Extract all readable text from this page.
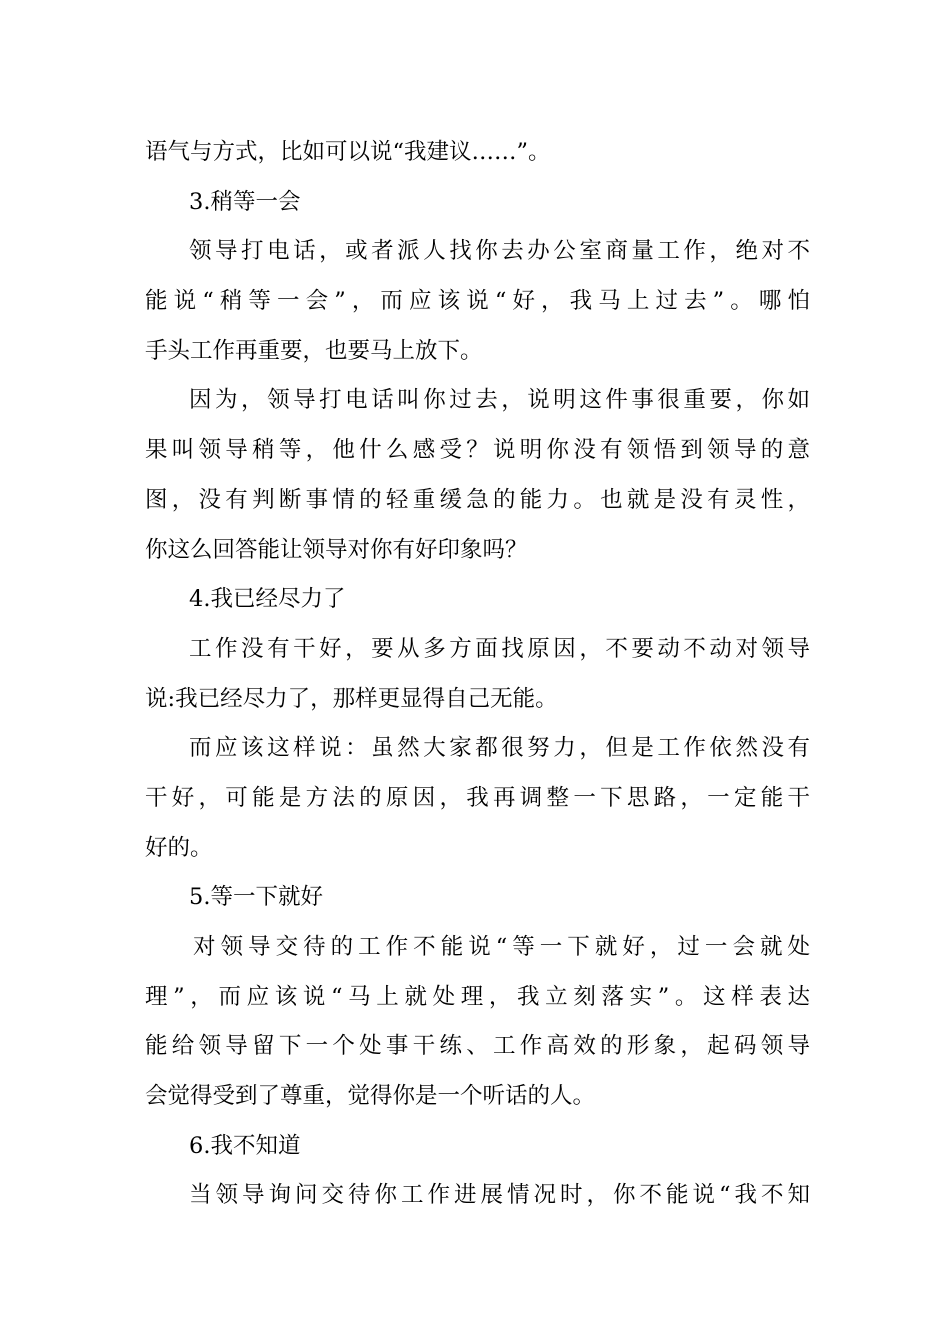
语气与方式，比如可以说“我建议……”。
3.稍等一会
领导打电话，或者派人找你去办公室商量工作，绝对不
能说“稍等一会”，而应该说“好，我马上过去”。哪怕
手头工作再重要，也要马上放下。
因为，领导打电话叫你过去，说明这件事很重要，你如
果叫领导稍等，他什么感受？说明你没有领悟到领导的意
图，没有判断事情的轻重缓急的能力。也就是没有灵性，
你这么回答能让领导对你有好印象吗？
4.我已经尽力了
工作没有干好，要从多方面找原因，不要动不动对领导
说:我已经尽力了，那样更显得自己无能。
而应该这样说：虽然大家都很努力，但是工作依然没有
干好，可能是方法的原因，我再调整一下思路，一定能干
好的。
5.等一下就好
对领导交待的工作不能说“等一下就好，过一会就处
理”，而应该说“马上就处理，我立刻落实”。这样表达
能给领导留下一个处事干练、工作高效的形象，起码领导
会觉得受到了尊重，觉得你是一个听话的人。
6.我不知道
当领导询问交待你工作进展情况时，你不能说“我不知
